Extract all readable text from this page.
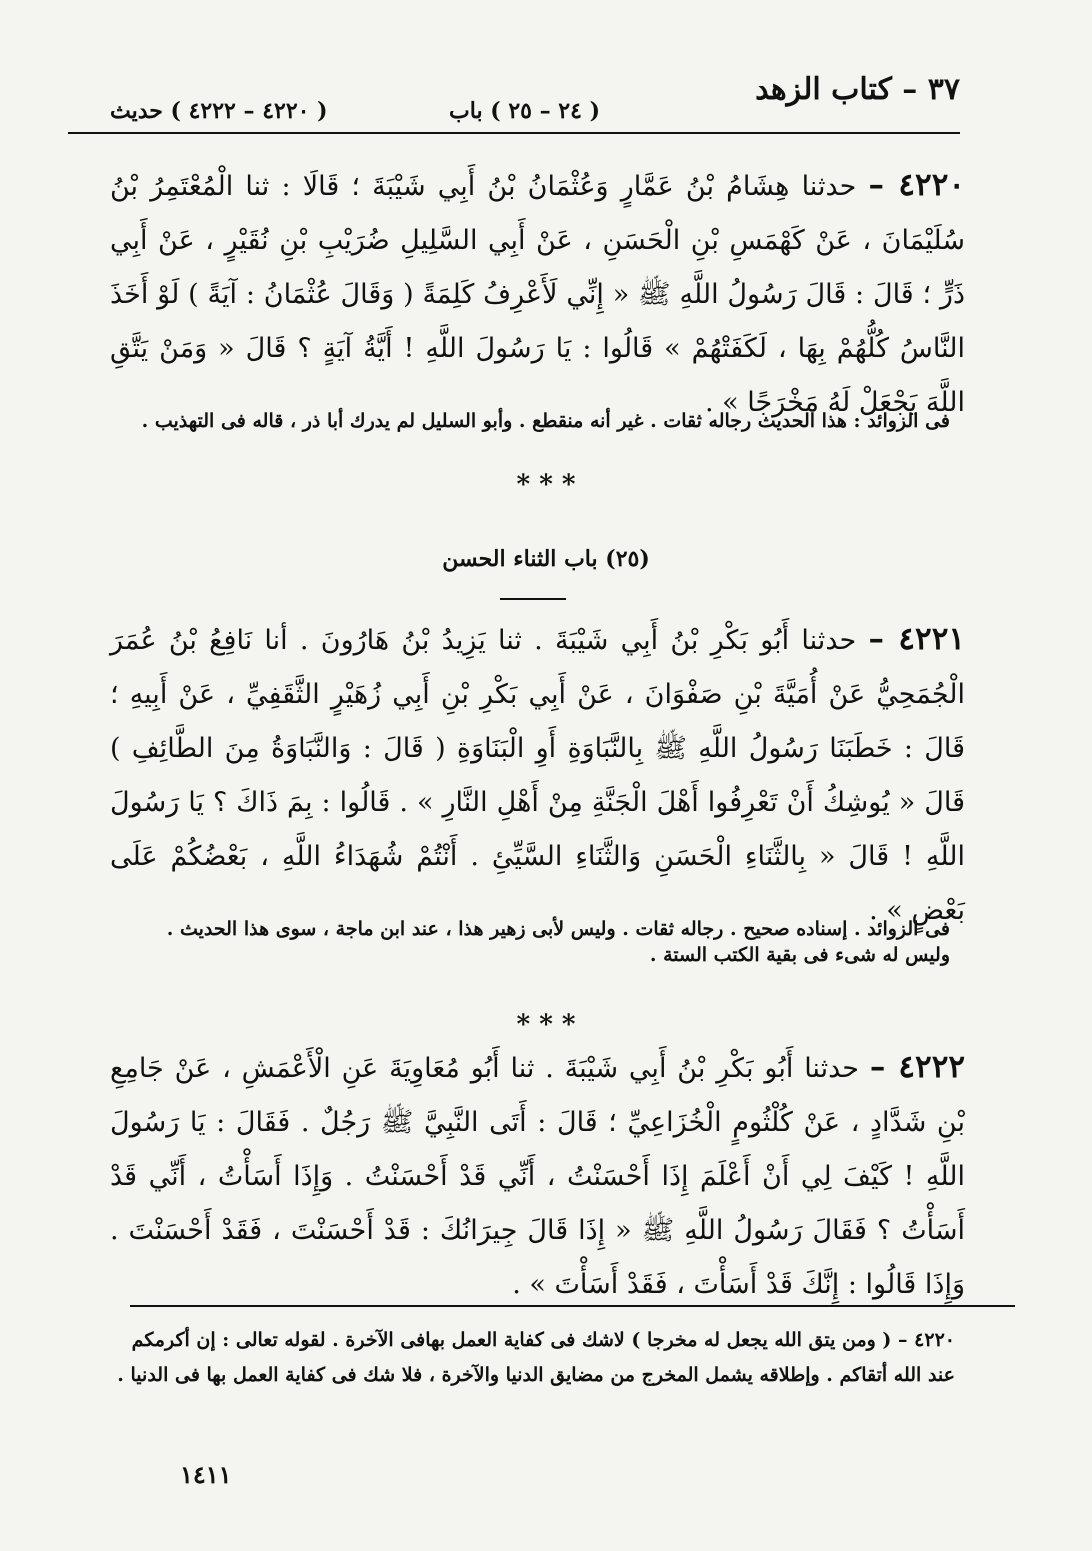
٣٧ – كتاب الزهد
( ٢٤ – ٢٥ ) باب
( ٤٢٢٠ – ٤٢٢٢ ) حديث
٤٢٢٠ – حدثنا هِشَامُ بْنُ عَمَّارٍ وَعُثْمَانُ بْنُ أَبِي شَيْبَةَ ؛ قَالَا : ثنا الْمُعْتَمِرُ بْنُ سُلَيْمَانَ ، عَنْ كَهْمَسِ بْنِ الْحَسَنِ ، عَنْ أَبِي السَّلِيلِ ضُرَيْبِ بْنِ نُقَيْرٍ ، عَنْ أَبِي ذَرٍّ ؛ قَالَ : قَالَ رَسُولُ اللَّهِ ﷺ « إِنِّي لَأَعْرِفُ كَلِمَةً ( وَقَالَ عُثْمَانُ : آيَةً ) لَوْ أَخَذَ النَّاسُ كُلُّهُمْ بِهَا ، لَكَفَتْهُمْ » قَالُوا : يَا رَسُولَ اللَّهِ ! أَيَّةُ آيَةٍ ؟ قَالَ « وَمَنْ يَتَّقِ اللَّهَ يَجْعَلْ لَهُ مَخْرَجًا » .
فى الزوائد : هذا الحديث رجاله ثقات . غير أنه منقطع . وأبو السليل لم يدرك أبا ذر ، قاله فى التهذيب .
* * *
(٢٥) باب الثناء الحسن
٤٢٢١ – حدثنا أَبُو بَكْرِ بْنُ أَبِي شَيْبَةَ . ثنا يَزِيدُ بْنُ هَارُونَ . أنا نَافِعُ بْنُ عُمَرَ الْجُمَحِيُّ عَنْ أُمَيَّةَ بْنِ صَفْوَانَ ، عَنْ أَبِي بَكْرِ بْنِ أَبِي زُهَيْرٍ الثَّقَفِيِّ ، عَنْ أَبِيهِ ؛ قَالَ : خَطَبَنَا رَسُولُ اللَّهِ ﷺ بِالنَّبَاوَةِ أَوِ الْبَنَاوَةِ ( قَالَ : وَالنَّبَاوَةُ مِنَ الطَّائِفِ ) قَالَ « يُوشِكُ أَنْ تَعْرِفُوا أَهْلَ الْجَنَّةِ مِنْ أَهْلِ النَّارِ » . قَالُوا : بِمَ ذَاكَ ؟ يَا رَسُولَ اللَّهِ ! قَالَ « بِالثَّنَاءِ الْحَسَنِ وَالثَّنَاءِ السَّيِّئِ . أَنْتُمْ شُهَدَاءُ اللَّهِ ، بَعْضُكُمْ عَلَى بَعْضٍ » .
فى الزوائد . إسناده صحيح . رجاله ثقات . وليس لأبى زهير هذا ، عند ابن ماجة ، سوى هذا الحديث .
وليس له شىء فى بقية الكتب الستة .
* * *
٤٢٢٢ – حدثنا أَبُو بَكْرِ بْنُ أَبِي شَيْبَةَ . ثنا أَبُو مُعَاوِيَةَ عَنِ الْأَعْمَشِ ، عَنْ جَامِعِ بْنِ شَدَّادٍ ، عَنْ كُلْثُومٍ الْخُزَاعِيِّ ؛ قَالَ : أَتَى النَّبِيَّ ﷺ رَجُلٌ . فَقَالَ : يَا رَسُولَ اللَّهِ ! كَيْفَ لِي أَنْ أَعْلَمَ إِذَا أَحْسَنْتُ ، أَنِّي قَدْ أَحْسَنْتُ . وَإِذَا أَسَأْتُ ، أَنِّي قَدْ أَسَأْتُ ؟ فَقَالَ رَسُولُ اللَّهِ ﷺ « إِذَا قَالَ جِيرَانُكَ : قَدْ أَحْسَنْتَ ، فَقَدْ أَحْسَنْتَ . وَإِذَا قَالُوا : إِنَّكَ قَدْ أَسَأْتَ ، فَقَدْ أَسَأْتَ » .
٤٢٢٠ – ( ومن يتق الله يجعل له مخرجا ) لاشك فى كفاية العمل بهافى الآخرة . لقوله تعالى : إن أكرمكم عند الله أتقاكم . وإطلاقه يشمل المخرج من مضايق الدنيا والآخرة ، فلا شك فى كفاية العمل بها فى الدنيا .
١٤١١
